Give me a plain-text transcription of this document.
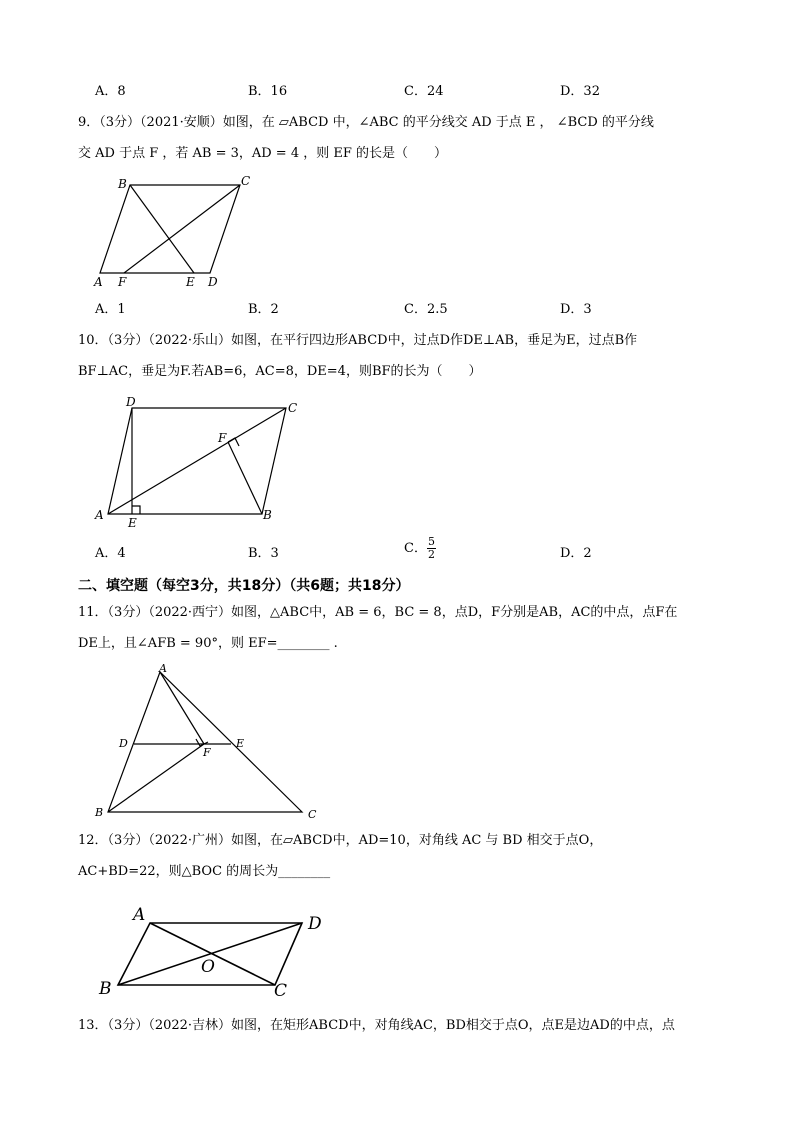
A．8	B．16	C．24	D．32
9．（3分）（2021·安顺）如图，在 ▱ABCD 中，∠ABC 的平分线交 AD 于点 E ， ∠BCD 的平分线
交 AD 于点 F ，若 AB = 3，AD = 4 ，则 EF 的长是（　　）
B	C
A F	E D
A．1	B．2	C．2.5	D．3
10．（3分）（2022·乐山）如图，在平行四边形ABCD中，过点D作DE⊥AB，垂足为E，过点B作
BF⊥AC，垂足为F.若AB=6，AC=8，DE=4，则BF的长为（　　）
D	C
F
A
E
B
A．4	B．3	C． $\frac{5}{2}$	D．2
二、填空题（每空3分，共18分）（共6题；共18分）
11．（3分）（2022·西宁）如图，△ABC中，AB = 6，BC = 8，点D，F分别是AB，AC的中点，点F在
DE上，且∠AFB = 90°，则 EF=________ .
A
D	E
F
B	C
12．（3分）（2022·广州）如图，在▱ABCD中，AD=10，对角线 AC 与 BD 相交于点O，
AC+BD=22，则△BOC 的周长为________
A	D
O
B	C
13．（3分）（2022·吉林）如图，在矩形ABCD中，对角线AC，BD相交于点O，点E是边AD的中点，点
